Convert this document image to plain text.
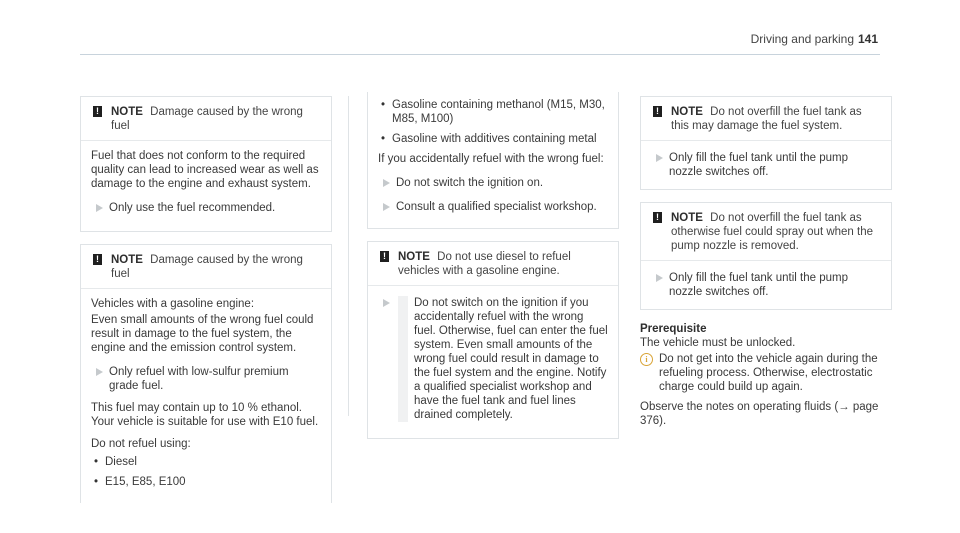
Driving and parking 141
! NOTE Damage caused by the wrong fuel

Fuel that does not conform to the required quality can lead to increased wear as well as damage to the engine and exhaust system.

Only use the fuel recommended.
! NOTE Damage caused by the wrong fuel

Vehicles with a gasoline engine:

Even small amounts of the wrong fuel could result in damage to the fuel system, the engine and the emission control system.

Only refuel with low-sulfur premium grade fuel.

This fuel may contain up to 10 % ethanol. Your vehicle is suitable for use with E10 fuel.

Do not refuel using:

• Diesel
• E15, E85, E100
• Gasoline containing methanol (M15, M30, M85, M100)
• Gasoline with additives containing metal

If you accidentally refuel with the wrong fuel:

Do not switch the ignition on.
Consult a qualified specialist workshop.
! NOTE Do not use diesel to refuel vehicles with a gasoline engine.
Do not switch on the ignition if you accidentally refuel with the wrong fuel. Otherwise, fuel can enter the fuel system. Even small amounts of the wrong fuel could result in damage to the fuel system and the engine. Notify a qualified specialist workshop and have the fuel tank and fuel lines drained completely.
! NOTE Do not overfill the fuel tank as this may damage the fuel system.
Only fill the fuel tank until the pump nozzle switches off.
! NOTE Do not overfill the fuel tank as otherwise fuel could spray out when the pump nozzle is removed.
Only fill the fuel tank until the pump nozzle switches off.
Prerequisite
The vehicle must be unlocked.
i Do not get into the vehicle again during the refueling process. Otherwise, electrostatic charge could build up again.
Observe the notes on operating fluids (→ page 376).
